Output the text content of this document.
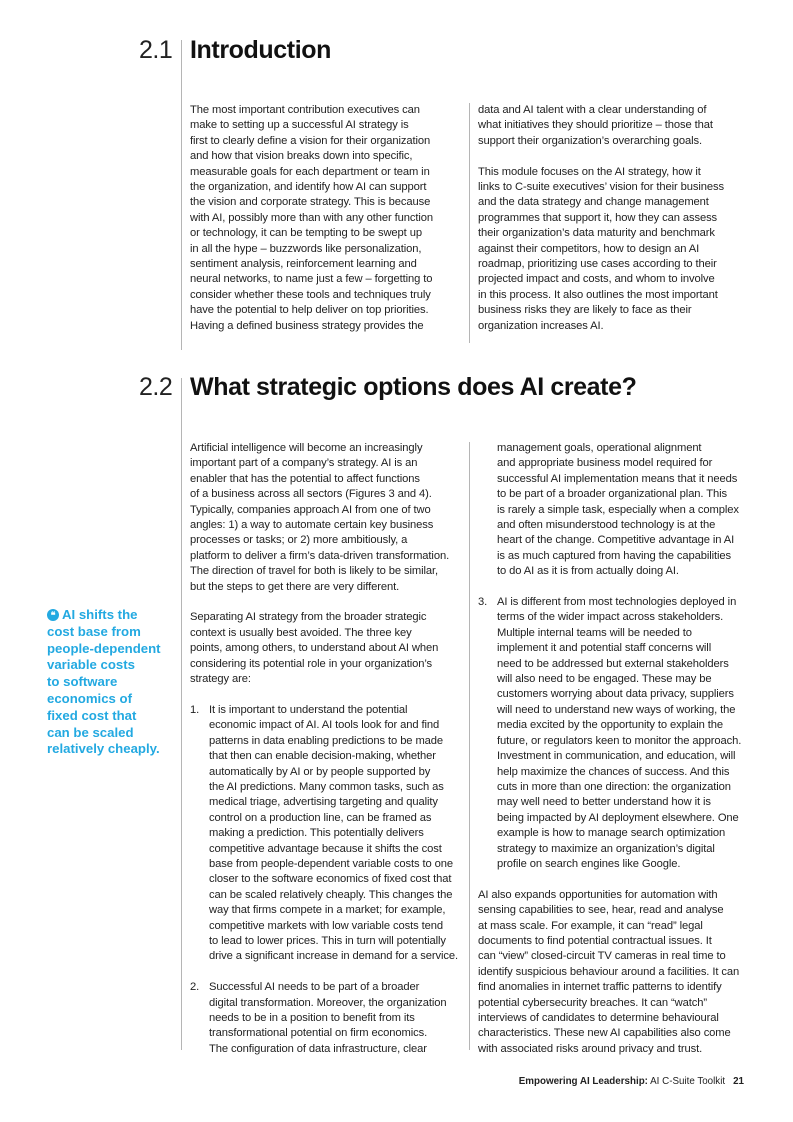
2.1 Introduction

The most important contribution executives can
make to setting up a successful AI strategy is
first to clearly define a vision for their organization
and how that vision breaks down into specific,
measurable goals for each department or team in
the organization, and identify how AI can support
the vision and corporate strategy. This is because
with AI, possibly more than with any other function
or technology, it can be tempting to be swept up
in all the hype – buzzwords like personalization,
sentiment analysis, reinforcement learning and
neural networks, to name just a few – forgetting to
consider whether these tools and techniques truly
have the potential to help deliver on top priorities.
Having a defined business strategy provides the

data and AI talent with a clear understanding of
what initiatives they should prioritize – those that
support their organization’s overarching goals.

This module focuses on the AI strategy, how it
links to C-suite executives’ vision for their business
and the data strategy and change management
programmes that support it, how they can assess
their organization’s data maturity and benchmark
against their competitors, how to design an AI
roadmap, prioritizing use cases according to their
projected impact and costs, and whom to involve
in this process. It also outlines the most important
business risks they are likely to face as their
organization increases AI.

2.2 What strategic options does AI create?
❝ AI shifts the
cost base from
people-dependent
variable costs
to software
economics of
fixed cost that
can be scaled
relatively cheaply.

Artificial intelligence will become an increasingly
important part of a company’s strategy. AI is an
enabler that has the potential to affect functions
of a business across all sectors (Figures 3 and 4).
Typically, companies approach AI from one of two
angles: 1) a way to automate certain key business
processes or tasks; or 2) more ambitiously, a
platform to deliver a firm’s data-driven transformation.
The direction of travel for both is likely to be similar,
but the steps to get there are very different.

Separating AI strategy from the broader strategic
context is usually best avoided. The three key
points, among others, to understand about AI when
considering its potential role in your organization’s
strategy are:

1. It is important to understand the potential
economic impact of AI. AI tools look for and find
patterns in data enabling predictions to be made
that then can enable decision-making, whether
automatically by AI or by people supported by
the AI predictions. Many common tasks, such as
medical triage, advertising targeting and quality
control on a production line, can be framed as
making a prediction. This potentially delivers
competitive advantage because it shifts the cost
base from people-dependent variable costs to one
closer to the software economics of fixed cost that
can be scaled relatively cheaply. This changes the
way that firms compete in a market; for example,
competitive markets with low variable costs tend
to lead to lower prices. This in turn will potentially
drive a significant increase in demand for a service.
2. Successful AI needs to be part of a broader
digital transformation. Moreover, the organization
needs to be in a position to benefit from its
transformational potential on firm economics.
The configuration of data infrastructure, clear
management goals, operational alignment
and appropriate business model required for
successful AI implementation means that it needs
to be part of a broader organizational plan. This
is rarely a simple task, especially when a complex
and often misunderstood technology is at the
heart of the change. Competitive advantage in AI
is as much captured from having the capabilities
to do AI as it is from actually doing AI.
3. AI is different from most technologies deployed in
terms of the wider impact across stakeholders.
Multiple internal teams will be needed to
implement it and potential staff concerns will
need to be addressed but external stakeholders
will also need to be engaged. These may be
customers worrying about data privacy, suppliers
will need to understand new ways of working, the
media excited by the opportunity to explain the
future, or regulators keen to monitor the approach.
Investment in communication, and education, will
help maximize the chances of success. And this
cuts in more than one direction: the organization
may well need to better understand how it is
being impacted by AI deployment elsewhere. One
example is how to manage search optimization
strategy to maximize an organization’s digital
profile on search engines like Google.

AI also expands opportunities for automation with
sensing capabilities to see, hear, read and analyse
at mass scale. For example, it can “read” legal
documents to find potential contractual issues. It
can “view” closed-circuit TV cameras in real time to
identify suspicious behaviour around a facilities. It can
find anomalies in internet traffic patterns to identify
potential cybersecurity breaches. It can “watch”
interviews of candidates to determine behavioural
characteristics. These new AI capabilities also come
with associated risks around privacy and trust.

Empowering AI Leadership: AI C-Suite Toolkit 21
